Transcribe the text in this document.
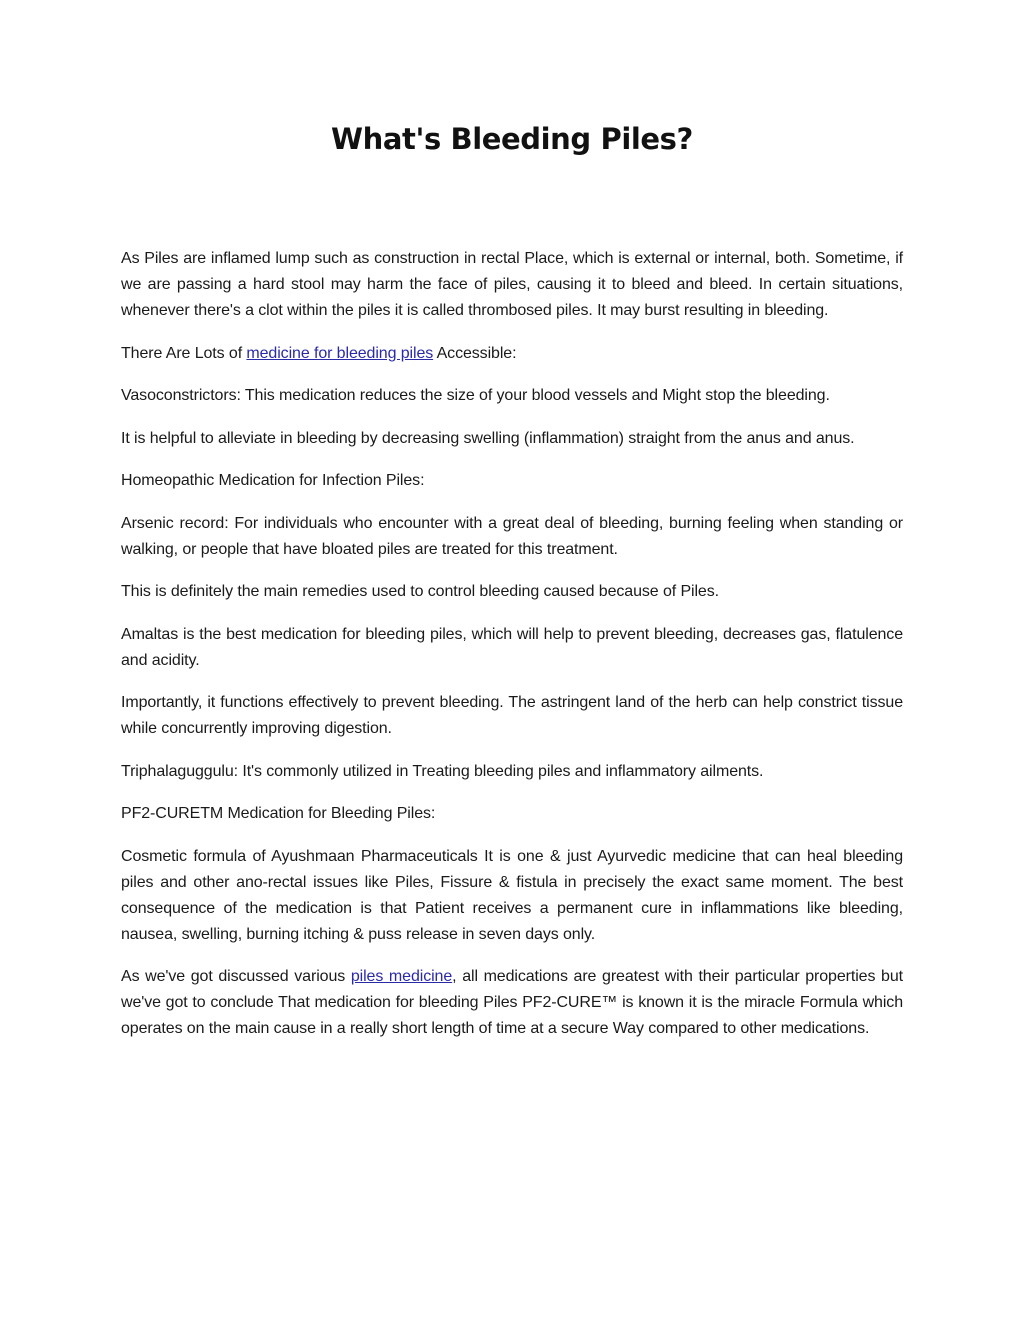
What's Bleeding Piles?

As Piles are inflamed lump such as construction in rectal Place, which is external or internal, both. Sometime, if we are passing a hard stool may harm the face of piles, causing it to bleed and bleed. In certain situations, whenever there's a clot within the piles it is called thrombosed piles. It may burst resulting in bleeding.

There Are Lots of medicine for bleeding piles Accessible:

Vasoconstrictors: This medication reduces the size of your blood vessels and Might stop the bleeding.

It is helpful to alleviate in bleeding by decreasing swelling (inflammation) straight from the anus and anus.

Homeopathic Medication for Infection Piles:

Arsenic record: For individuals who encounter with a great deal of bleeding, burning feeling when standing or walking, or people that have bloated piles are treated for this treatment.

This is definitely the main remedies used to control bleeding caused because of Piles.

Amaltas is the best medication for bleeding piles, which will help to prevent bleeding, decreases gas, flatulence and acidity.

Importantly, it functions effectively to prevent bleeding. The astringent land of the herb can help constrict tissue while concurrently improving digestion.

Triphalaguggulu: It's commonly utilized in Treating bleeding piles and inflammatory ailments.

PF2-CURETM Medication for Bleeding Piles:

Cosmetic formula of Ayushmaan Pharmaceuticals It is one & just Ayurvedic medicine that can heal bleeding piles and other ano-rectal issues like Piles, Fissure & fistula in precisely the exact same moment. The best consequence of the medication is that Patient receives a permanent cure in inflammations like bleeding, nausea, swelling, burning itching & puss release in seven days only.

As we've got discussed various piles medicine, all medications are greatest with their particular properties but we've got to conclude That medication for bleeding Piles PF2-CURE™ is known it is the miracle Formula which operates on the main cause in a really short length of time at a secure Way compared to other medications.
